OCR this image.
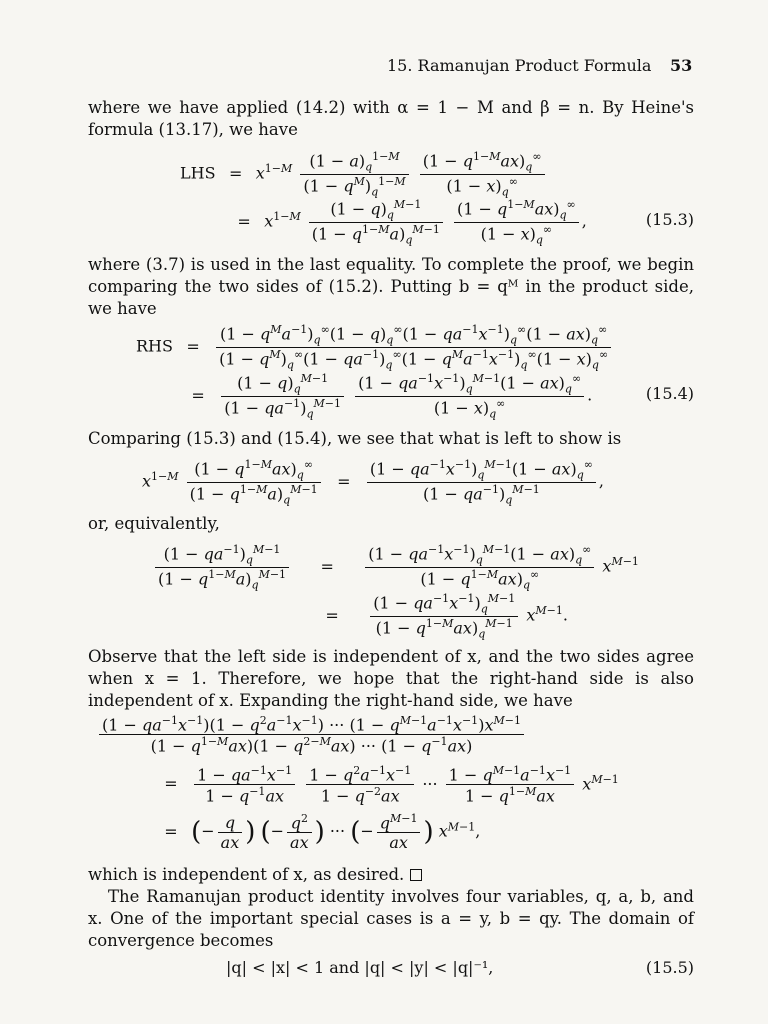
15. Ramanujan Product Formula 53
where we have applied (14.2) with α = 1 − M and β = n. By Heine's formula (13.17), we have
LHS = $x^{1-M} \frac{(1 - a)_q^{1-M}}{(1 - q^M)_q^{1-M}}$
$\frac{(1 - q^{1-M}ax)_q^\infty}{(1 - x)_q^\infty}$
= $x^{1-M} \frac{(1 - q)_q^{M-1}}{(1 - q^{1-M}a)_q^{M-1}}$
$\frac{(1 - q^{1-M}ax)_q^\infty}{(1 - x)_q^\infty}$ ,	(15.3)
where (3.7) is used in the last equality. To complete the proof, we begin comparing the two sides of (15.2). Putting b = qᴹ in the product side, we have
RHS = $\frac{(1 - q^Ma^{-1})_q^\infty(1 - q)_q^\infty(1 - qa^{-1}x^{-1})_q^\infty(1 - ax)_q^\infty}{(1 - q^M)_q^\infty(1 - qa^{-1})_q^\infty(1 - q^Ma^{-1}x^{-1})_q^\infty(1 - x)_q^\infty}$
= $\frac{(1 - q)_q^{M-1}}{(1 - qa^{-1})_q^{M-1}}$
$\frac{(1 - qa^{-1}x^{-1})_q^{M-1}(1 - ax)_q^\infty}{(1 - x)_q^\infty}$ .	(15.4)
Comparing (15.3) and (15.4), we see that what is left to show is
$x^{1-M} \frac{(1 - q^{1-M}ax)_q^\infty}{(1 - q^{1-M}a)_q^{M-1}} = \frac{(1 - qa^{-1}x^{-1})_q^{M-1}(1 - ax)_q^\infty}{(1 - qa^{-1})_q^{M-1}}$ ,
or, equivalently,
$\frac{(1 - qa^{-1})_q^{M-1}}{(1 - q^{1-M}a)_q^{M-1}} = \frac{(1 - qa^{-1}x^{-1})_q^{M-1}(1 - ax)_q^\infty}{(1 - q^{1-M}ax)_q^\infty} x^{M-1}$
= $\frac{(1 - qa^{-1}x^{-1})_q^{M-1}}{(1 - q^{1-M}ax)_q^{M-1}} x^{M-1}$.
Observe that the left side is independent of x, and the two sides agree when x = 1. Therefore, we hope that the right-hand side is also independent of x. Expanding the right-hand side, we have
$\frac{(1 - qa^{-1}x^{-1})(1 - q^2a^{-1}x^{-1}) \cdot\cdot\cdot (1 - q^{M-1}a^{-1}x^{-1})x^{M-1}}{(1 - q^{1-M}ax)(1 - q^{2-M}ax) \cdot\cdot\cdot (1 - q^{-1}ax)}$
= $\frac{1 - qa^{-1}x^{-1}}{1 - q^{-1}ax}$
$\frac{1 - q^2a^{-1}x^{-1}}{1 - q^{-2}ax}$ ··· $\frac{1 - q^{M-1}a^{-1}x^{-1}}{1 - q^{1-M}ax} x^{M-1}$
= (− $\frac{q}{ax}$ ) (− $\frac{q^2}{ax}$ ) ··· (− $\frac{q^{M-1}}{ax}$ ) $x^{M-1}$,
which is independent of x, as desired.
The Ramanujan product identity involves four variables, q, a, b, and x. One of the important special cases is a = y, b = qy. The domain of convergence becomes
|q| < |x| < 1 and |q| < |y| < |q|⁻¹,	(15.5)
